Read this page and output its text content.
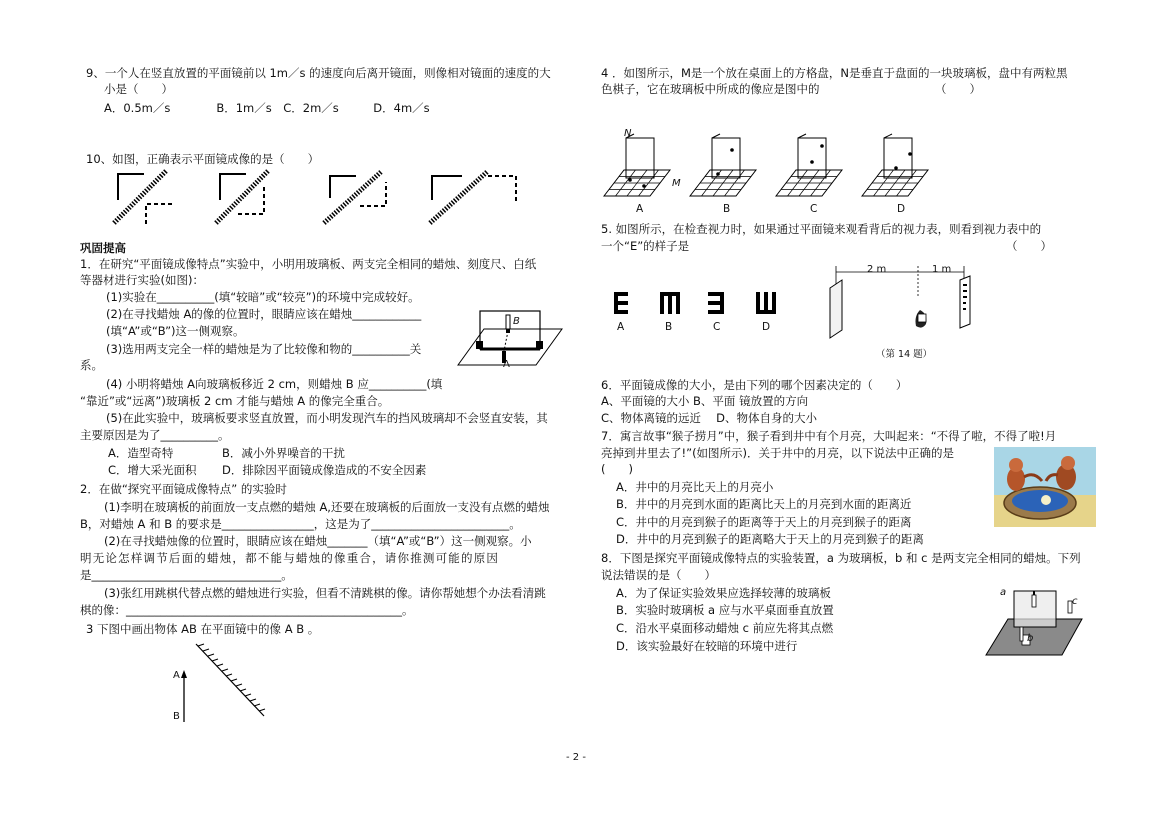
9、一个人在竖直放置的平面镜前以 1m／s 的速度向后离开镜面，则像相对镜面的速度的大
小是（　　）
A．0.5m／s　　　　B．1m／s　C．2m／s　　　D．4m／s
10、如图，正确表示平面镜成像的是（　　）
巩固提高
1．在研究“平面镜成像特点”实验中，小明用玻璃板、两支完全相同的蜡烛、刻度尺、白纸
等器材进行实验(如图)：
(1)实验在__________(填“较暗”或“较亮”)的环境中完成较好。
(2)在寻找蜡烛 A的像的位置时，眼睛应该在蜡烛____________
(填“A”或“B”)这一侧观察。
(3)选用两支完全一样的蜡烛是为了比较像和物的__________关
系。
(4) 小明将蜡烛 A向玻璃板移近 2 cm，则蜡烛 B 应__________(填
“靠近”或“远离”)玻璃板 2 cm 才能与蜡烛 A 的像完全重合。
(5)在此实验中，玻璃板要求竖直放置，而小明发现汽车的挡风玻璃却不会竖直安装，其
主要原因是为了__________。
A．造型奇特	B．减小外界噪音的干扰
C．增大采光面积 D．排除因平面镜成像造成的不安全因素
B
A
2．在做“探究平面镜成像特点” 的实验时
(1)李明在玻璃板的前面放一支点燃的蜡烛 A,还要在玻璃板的后面放一支没有点燃的蜡烛
B，对蜡烛 A 和 B 的要求是________________，这是为了________________________。
(2)在寻找蜡烛像的位置时，眼睛应该在蜡烛_______（填“A”或“B”）这一侧观察。小
明无论怎样调节后面的蜡烛，都不能与蜡烛的像重合，请你推测可能的原因
是_________________________________。
(3)张红用跳棋代替点燃的蜡烛进行实验，但看不清跳棋的像。请你帮她想个办法看清跳
棋的像：________________________________________________。
3 下图中画出物体 AB 在平面镜中的像 A B 。
A
B
4 ．如图所示，M是一个放在桌面上的方格盘，N是垂直于盘面的一块玻璃板，盘中有两粒黑
色棋子，它在玻璃板中所成的像应是图中的	（　　）
N
M
A	B	C	D
5. 如图所示，在检查视力时，如果通过平面镜来观看背后的视力表，则看到视力表中的
一个“E”的样子是	（　　）
A	B	C	D
2 m	1 m
（第 14 题）
6．平面镜成像的大小，是由下列的哪个因素决定的（　　）
A、平面镜的大小 B、平面 镜放置的方向
C、物体离镜的远近　 D、物体自身的大小
7．寓言故事“猴子捞月”中，猴子看到井中有个月亮，大叫起来：“不得了啦，不得了啦!月
亮掉到井里去了!”(如图所示)．关于井中的月亮，以下说法中正确的是
(　　)
A．井中的月亮比天上的月亮小
B．井中的月亮到水面的距离比天上的月亮到水面的距离近
C．井中的月亮到猴子的距离等于天上的月亮到猴子的距离
D．井中的月亮到猴子的距离略大于天上的月亮到猴子的距离
8．下图是探究平面镜成像特点的实验装置，a 为玻璃板，b 和 c 是两支完全相同的蜡烛。下列
说法错误的是（　　）
A．为了保证实验效果应选择较薄的玻璃板
B．实验时玻璃板 a 应与水平桌面垂直放置
C．沿水平桌面移动蜡烛 c 前应先将其点燃
D．该实验最好在较暗的环境中进行
a
b
c
- 2 -
